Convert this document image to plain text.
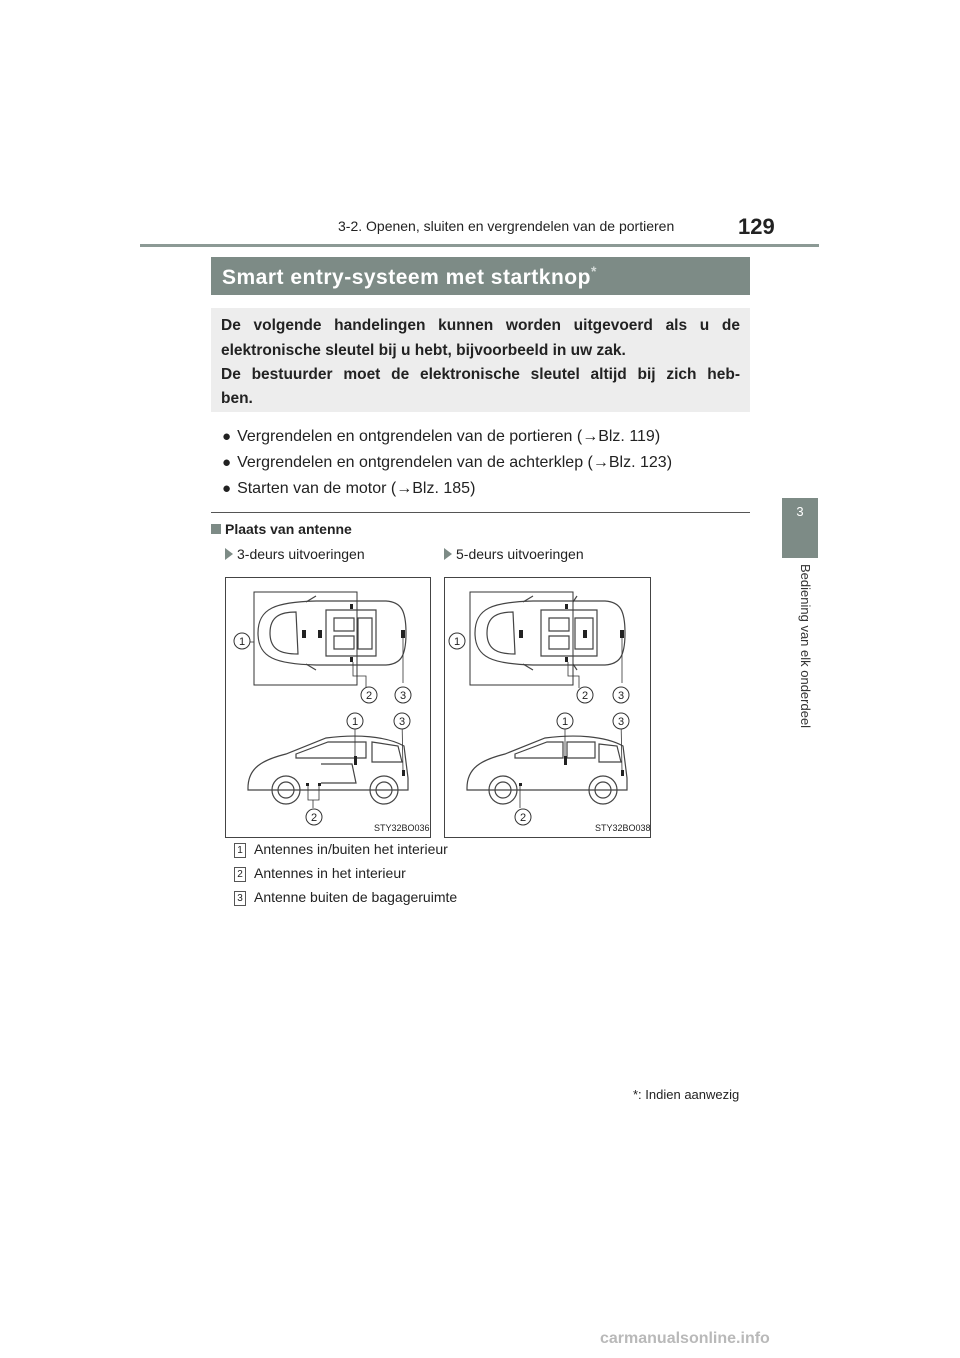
3-2. Openen, sluiten en vergrendelen van de portieren	129
3
Bediening van elk onderdeel
Smart entry-systeem met startknop*
De volgende handelingen kunnen worden uitgevoerd als u de
elektronische sleutel bij u hebt, bijvoorbeeld in uw zak.
De bestuurder moet de elektronische sleutel altijd bij zich heb-
ben.
● Vergrendelen en ontgrendelen van de portieren (→Blz. 119)
● Vergrendelen en ontgrendelen van de achterklep (→Blz. 123)
● Starten van de motor (→Blz. 185)
Plaats van antenne
3-deurs uitvoeringen	5-deurs uitvoeringen
1
2	3
1	3
2
STY32BO036
1
2	3
1	3
2
STY32BO038
1 Antennes in/buiten het interieur
2 Antennes in het interieur
3 Antenne buiten de bagageruimte
*: Indien aanwezig
carmanualsonline.info
